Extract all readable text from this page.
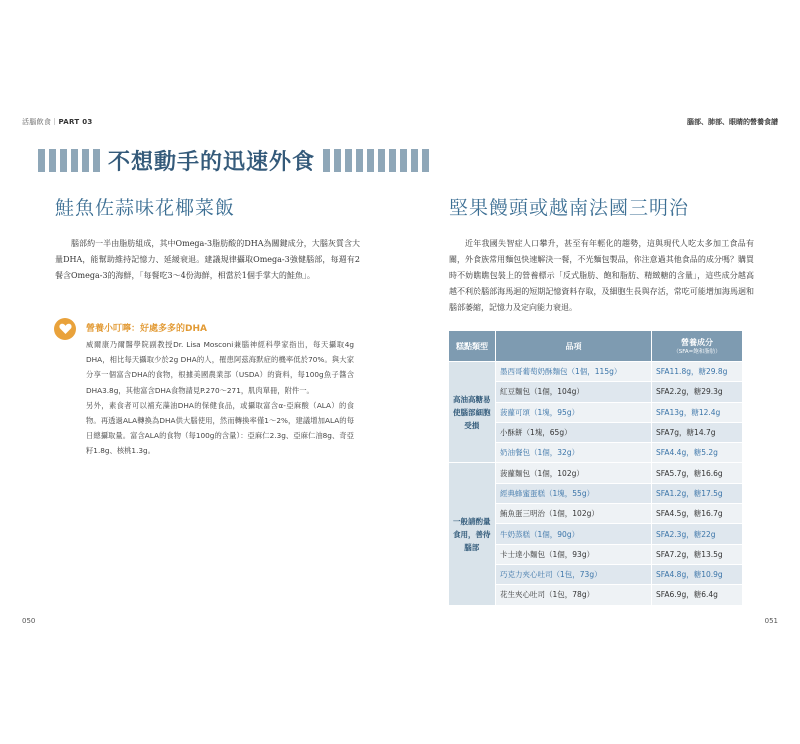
活腦飲食｜PART 03
不想動手的迅速外食
鮭魚佐蒜味花椰菜飯
腦部約一半由脂肪組成，其中Omega-3脂肪酸的DHA為關鍵成分，大腦灰質含大量DHA，能幫助維持記憶力、延緩衰退。建議規律攝取Omega-3強健腦部，每週有2餐含Omega-3的海鮮，「每餐吃3～4份海鮮，相當於1個手掌大的鮭魚」。
營養小叮嚀：好處多多的DHA

威爾康乃爾醫學院副教授Dr. Lisa Mosconi兼腦神經科學家指出，每天攝取4g DHA，相比每天攝取少於2g DHA的人，罹患阿茲海默症的機率低於70%。與大家分享一個富含DHA的食物，根據美國農業部（USDA）的資料，每100g魚子醬含DHA3.8g，其他富含DHA食物請見P.270～271，肌肉單冊，附件一。

另外，素食者可以補充藻油DHA的保健食品，或攝取富含α-亞麻酸（ALA）的食物。再透過ALA轉換為DHA供大腦使用，然而轉換率僅1～2%，建議增加ALA的每日總攝取量。富含ALA的食物（每100g的含量）：亞麻仁2.3g、亞麻仁油8g、奇亞籽1.8g、核桃1.3g。

050
腦部、肺部、眼睛的營養食譜
051
堅果饅頭或越南法國三明治
近年我國失智症人口攀升，甚至有年輕化的趨勢，這與現代人吃太多加工食品有關，外食族常用麵包快速解決一餐，不光麵包製品，你注意過其他食品的成分嗎？購買時不妨瞧瞧包裝上的營養標示「反式脂肪、飽和脂肪、精緻糖的含量」，這些成分越高越不利於腦部海馬迴的短期記憶資料存取，及細胞生長與存活，常吃可能增加海馬迴和腦部萎縮，記憶力及定向能力衰退。
糕點類型	品項	營養成分
（SFA=飽和脂肪）

高油高糖易使腦部細胞受損	墨西哥葡萄奶酥麵包（1個，115g）	SFA11.8g，糖29.8g
	紅豆麵包（1個，104g）	SFA2.2g，糖29.3g
	菠蘿可頌（1塊，95g）	SFA13g，糖12.4g
	小酥餅（1塊，65g）	SFA7g，糖14.7g
	奶油餐包（1個，32g）	SFA4.4g，糖5.2g
一般請酌量食用，善待腦部	菠蘿麵包（1個，102g）	SFA5.7g，糖16.6g
	經典蜂蜜蛋糕（1塊，55g）	SFA1.2g，糖17.5g
	鮪魚蛋三明治（1個，102g）	SFA4.5g，糖16.7g
	牛奶蒸糕（1個，90g）	SFA2.3g，糖22g
	卡士達小麵包（1個，93g）	SFA7.2g，糖13.5g
	巧克力夾心吐司（1包，73g）	SFA4.8g，糖10.9g
	花生夾心吐司（1包，78g）	SFA6.9g，糖6.4g
